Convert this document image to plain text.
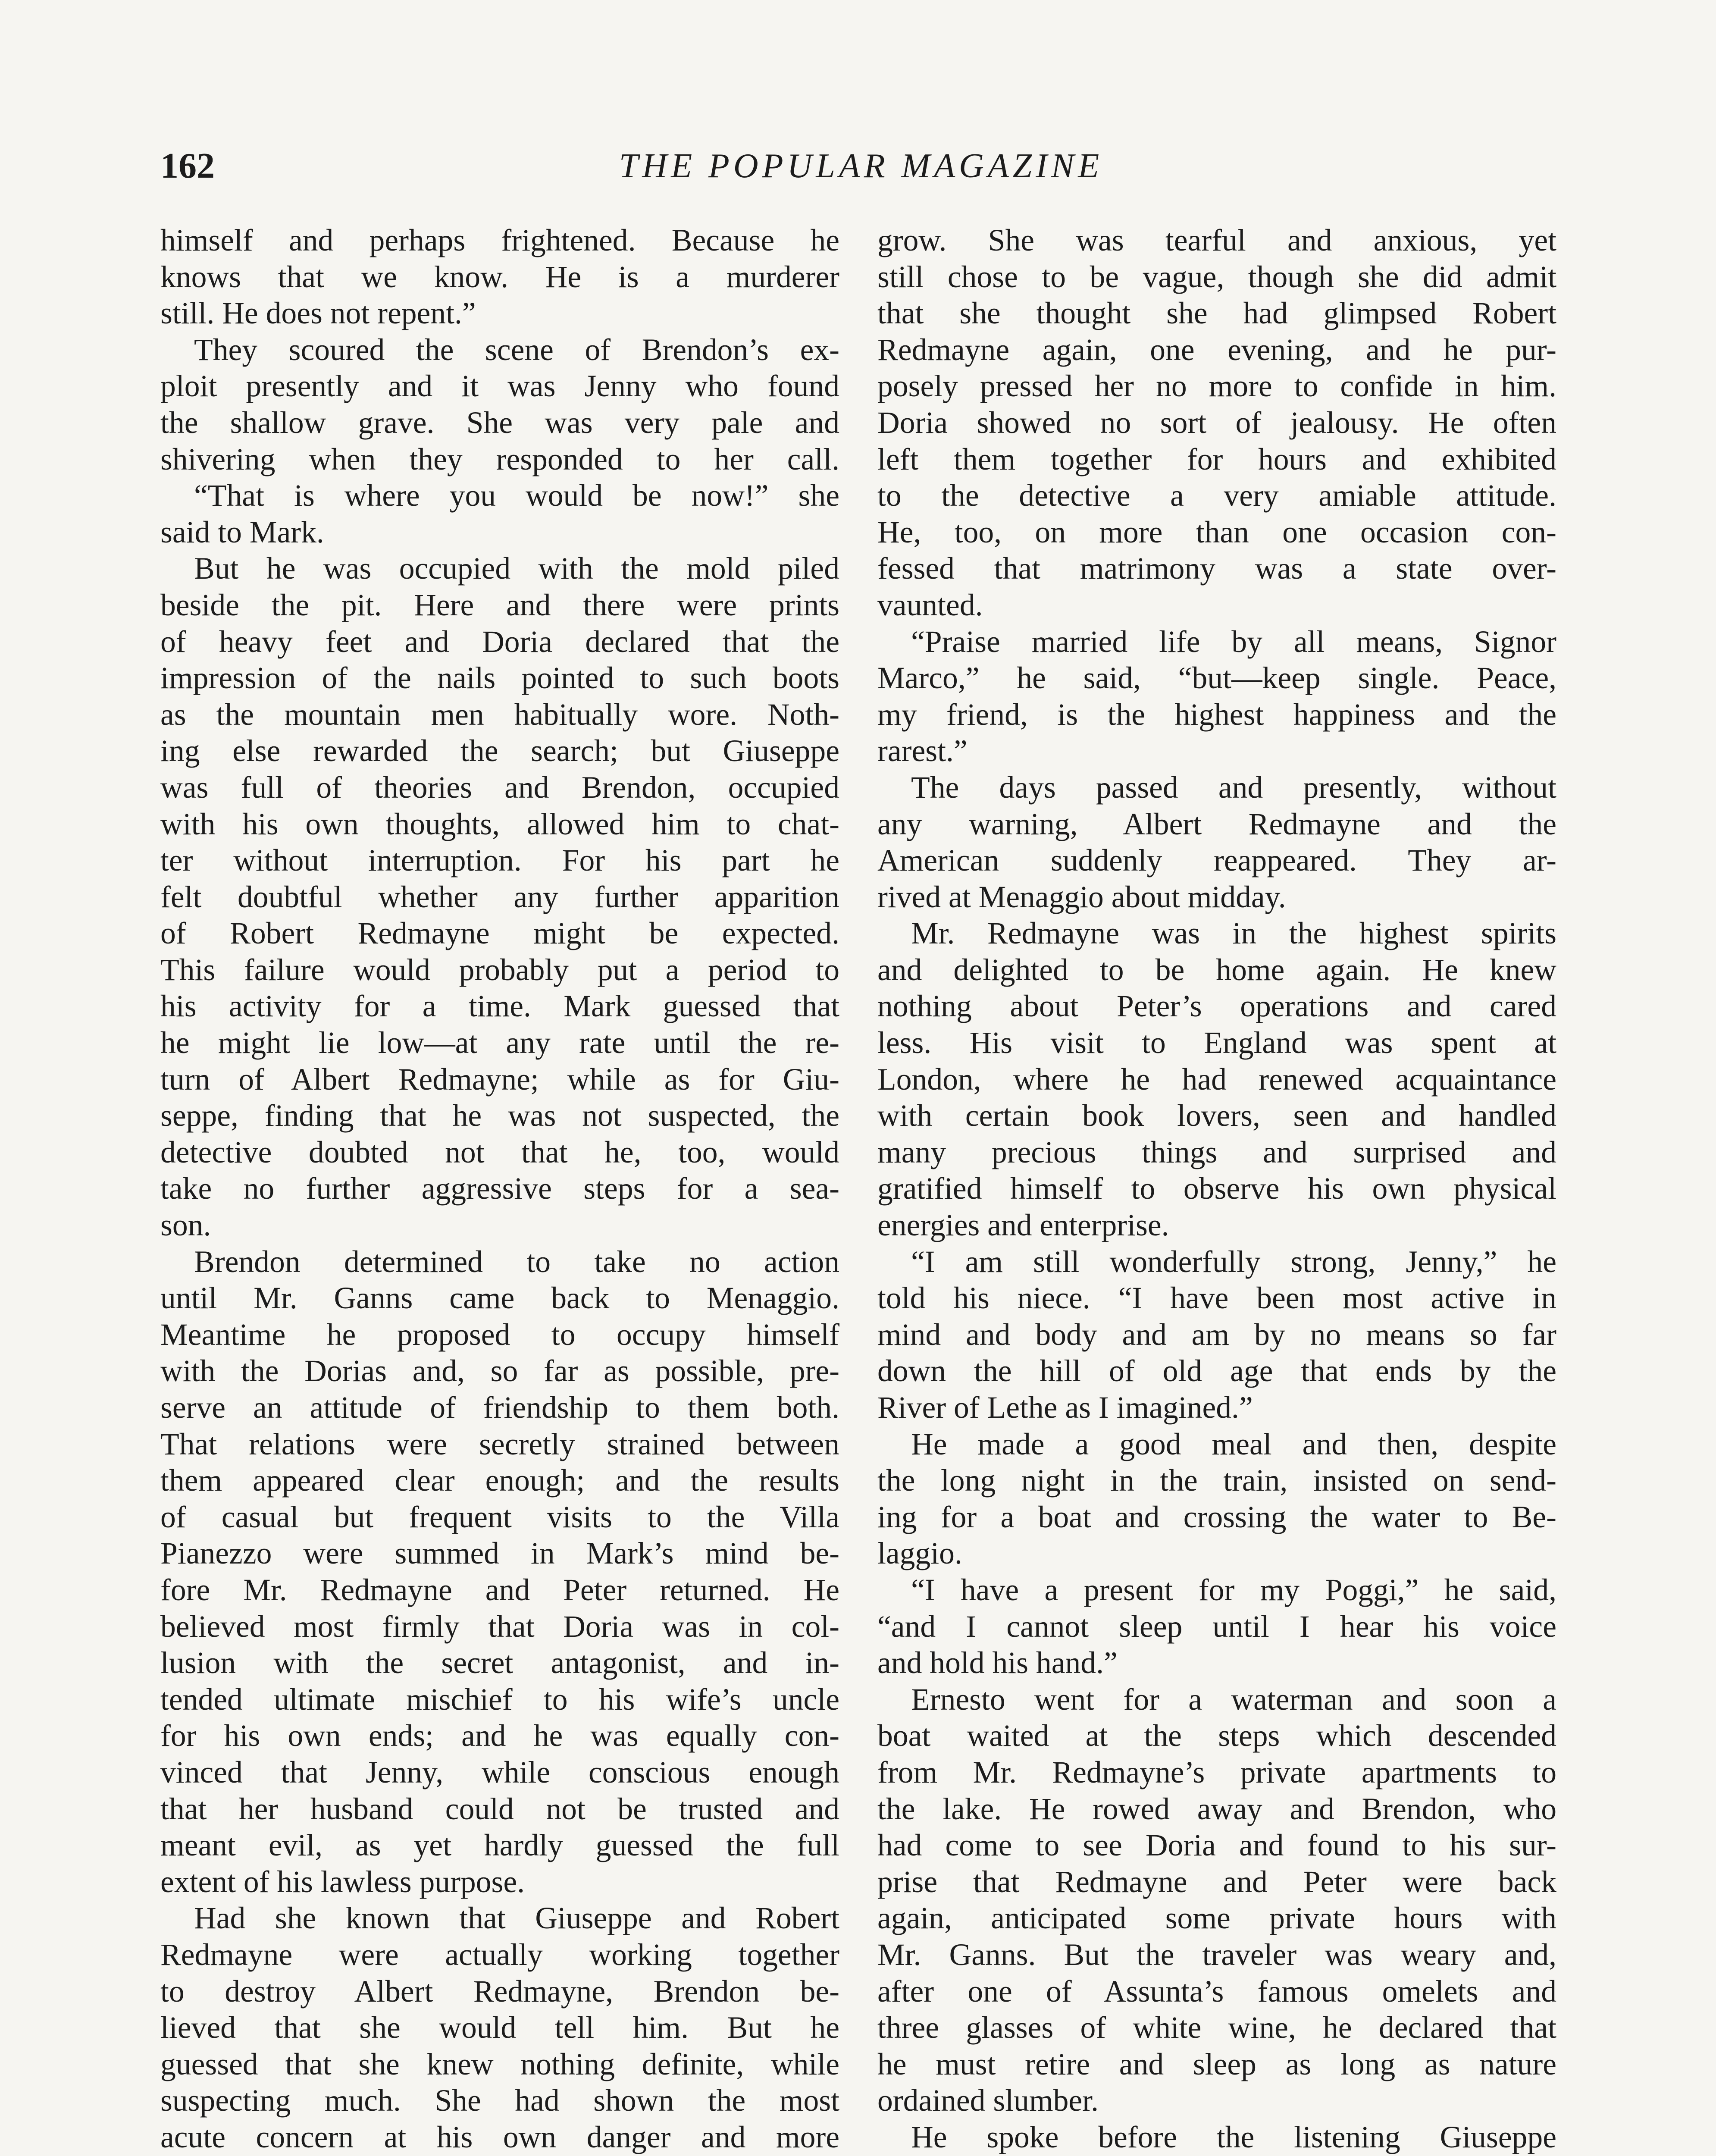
162	THE POPULAR MAGAZINE
himself and perhaps frightened. Because he
knows that we know. He is a murderer
still. He does not repent.”
They scoured the scene of Brendon’s ex-
ploit presently and it was Jenny who found
the shallow grave. She was very pale and
shivering when they responded to her call.
“That is where you would be now!” she
said to Mark.
But he was occupied with the mold piled
beside the pit. Here and there were prints
of heavy feet and Doria declared that the
impression of the nails pointed to such boots
as the mountain men habitually wore. Noth-
ing else rewarded the search; but Giuseppe
was full of theories and Brendon, occupied
with his own thoughts, allowed him to chat-
ter without interruption. For his part he
felt doubtful whether any further apparition
of Robert Redmayne might be expected.
This failure would probably put a period to
his activity for a time. Mark guessed that
he might lie low—at any rate until the re-
turn of Albert Redmayne; while as for Giu-
seppe, finding that he was not suspected, the
detective doubted not that he, too, would
take no further aggressive steps for a sea-
son.
Brendon determined to take no action
until Mr. Ganns came back to Menaggio.
Meantime he proposed to occupy himself
with the Dorias and, so far as possible, pre-
serve an attitude of friendship to them both.
That relations were secretly strained between
them appeared clear enough; and the results
of casual but frequent visits to the Villa
Pianezzo were summed in Mark’s mind be-
fore Mr. Redmayne and Peter returned. He
believed most firmly that Doria was in col-
lusion with the secret antagonist, and in-
tended ultimate mischief to his wife’s uncle
for his own ends; and he was equally con-
vinced that Jenny, while conscious enough
that her husband could not be trusted and
meant evil, as yet hardly guessed the full
extent of his lawless purpose.
Had she known that Giuseppe and Robert
Redmayne were actually working together
to destroy Albert Redmayne, Brendon be-
lieved that she would tell him. But he
guessed that she knew nothing definite, while
suspecting much. She had shown the most
acute concern at his own danger and more
grow. She was tearful and anxious, yet
still chose to be vague, though she did admit
that she thought she had glimpsed Robert
Redmayne again, one evening, and he pur-
posely pressed her no more to confide in him.
Doria showed no sort of jealousy. He often
left them together for hours and exhibited
to the detective a very amiable attitude.
He, too, on more than one occasion con-
fessed that matrimony was a state over-
vaunted.
“Praise married life by all means, Signor
Marco,” he said, “but—keep single. Peace,
my friend, is the highest happiness and the
rarest.”
The days passed and presently, without
any warning, Albert Redmayne and the
American suddenly reappeared. They ar-
rived at Menaggio about midday.
Mr. Redmayne was in the highest spirits
and delighted to be home again. He knew
nothing about Peter’s operations and cared
less. His visit to England was spent at
London, where he had renewed acquaintance
with certain book lovers, seen and handled
many precious things and surprised and
gratified himself to observe his own physical
energies and enterprise.
“I am still wonderfully strong, Jenny,” he
told his niece. “I have been most active in
mind and body and am by no means so far
down the hill of old age that ends by the
River of Lethe as I imagined.”
He made a good meal and then, despite
the long night in the train, insisted on send-
ing for a boat and crossing the water to Be-
laggio.
“I have a present for my Poggi,” he said,
“and I cannot sleep until I hear his voice
and hold his hand.”
Ernesto went for a waterman and soon a
boat waited at the steps which descended
from Mr. Redmayne’s private apartments to
the lake. He rowed away and Brendon, who
had come to see Doria and found to his sur-
prise that Redmayne and Peter were back
again, anticipated some private hours with
Mr. Ganns. But the traveler was weary and,
after one of Assunta’s famous omelets and
three glasses of white wine, he declared that
he must retire and sleep as long as nature
ordained slumber.
He spoke before the listening Giuseppe
